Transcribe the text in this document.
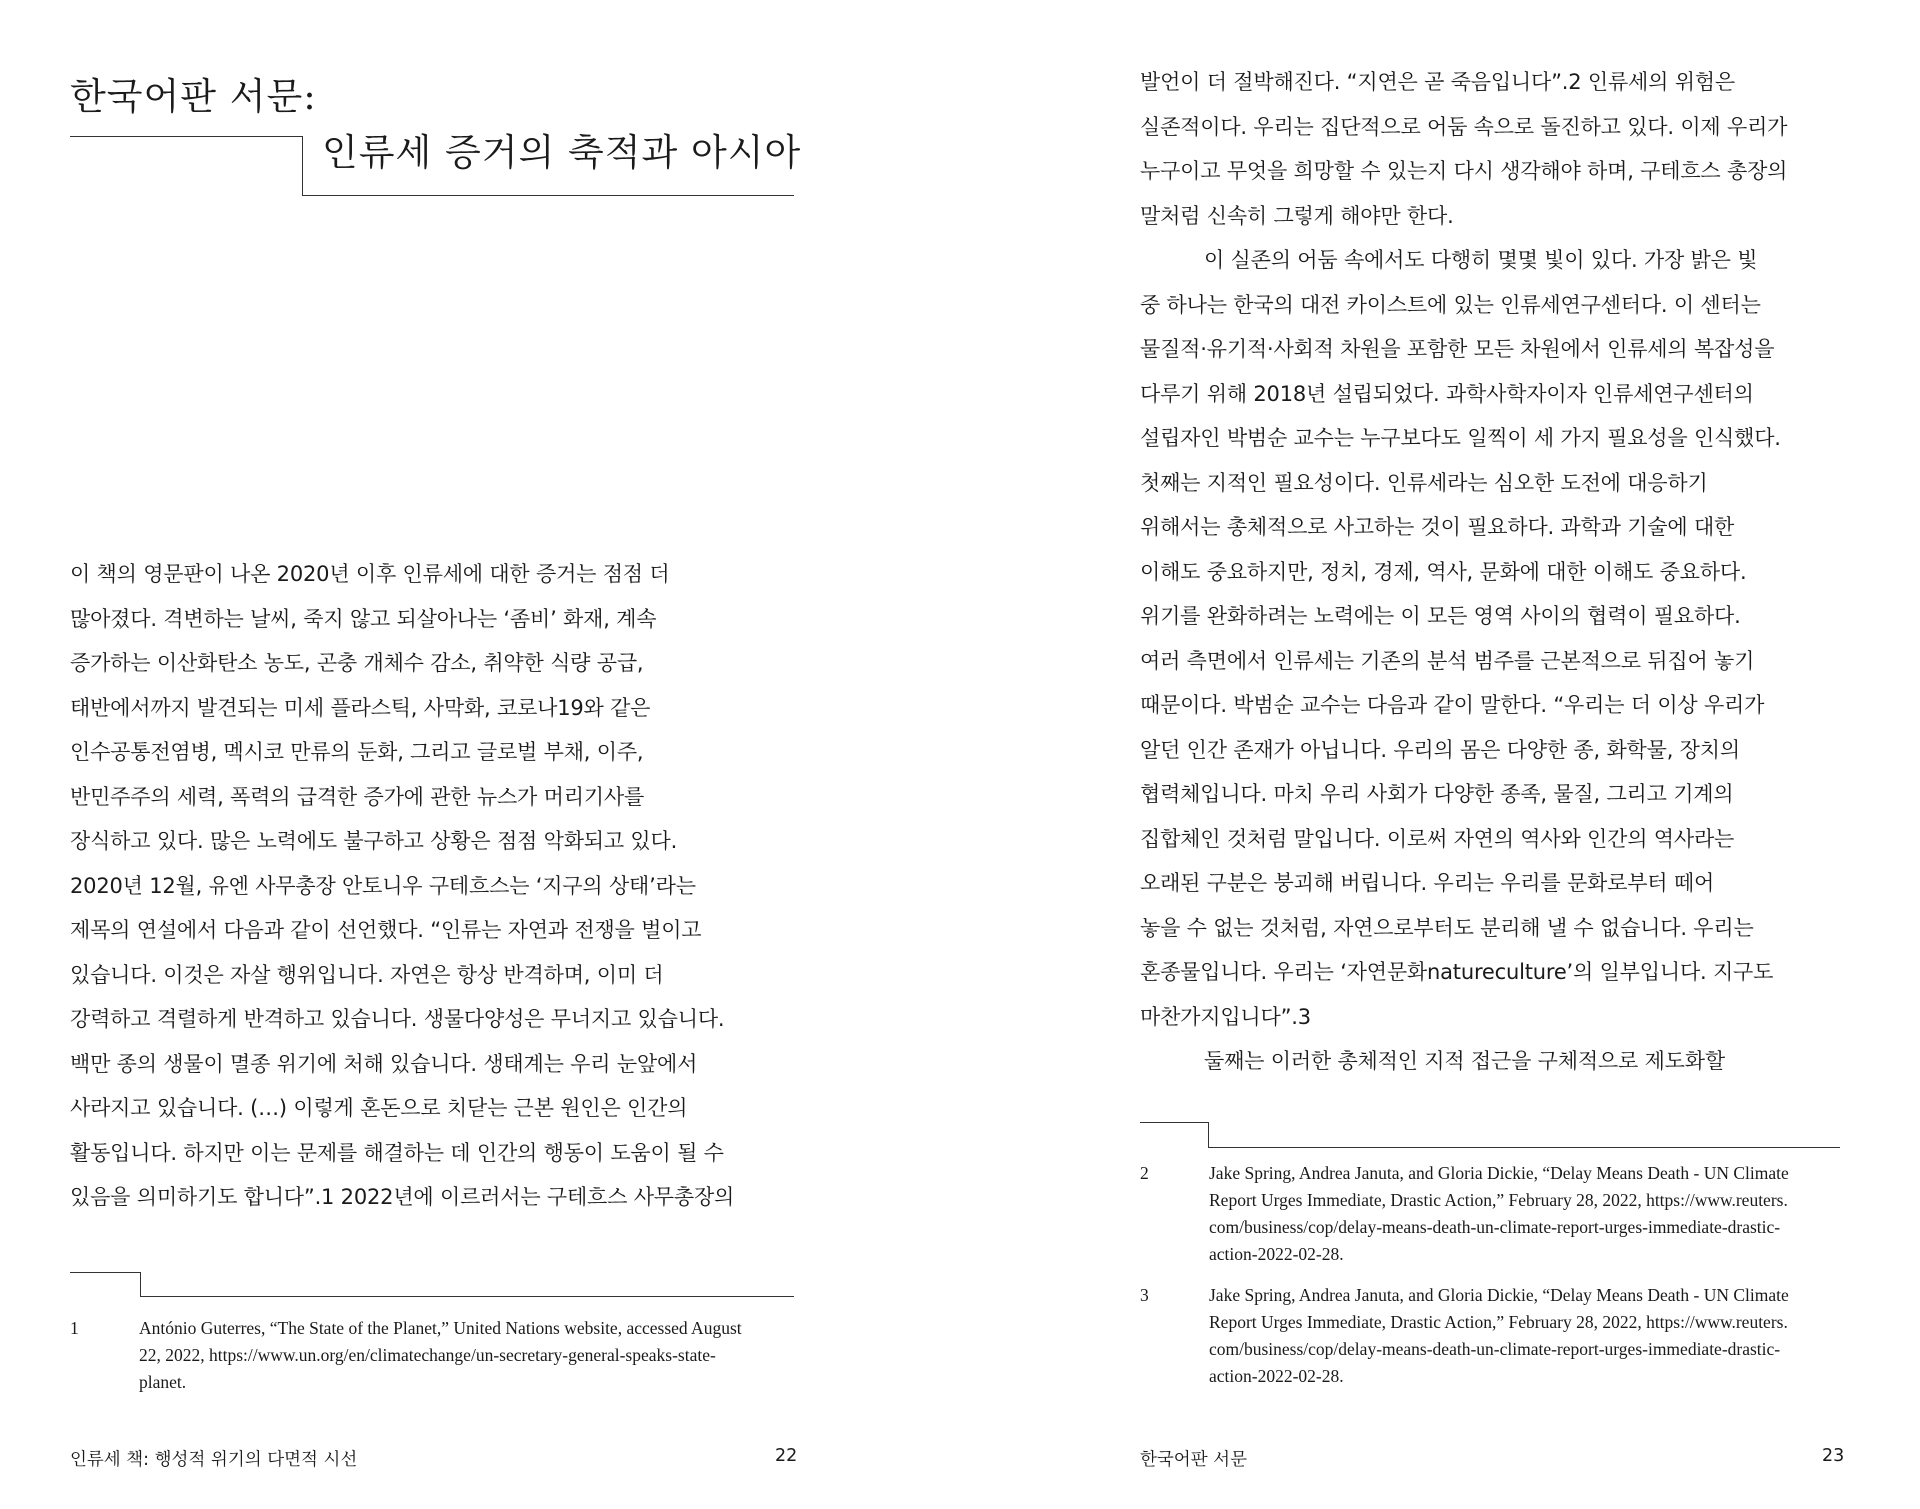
한국어판 서문:
인류세 증거의 축적과 아시아
이 책의 영문판이 나온 2020년 이후 인류세에 대한 증거는 점점 더
많아졌다. 격변하는 날씨, 죽지 않고 되살아나는 ‘좀비’ 화재, 계속
증가하는 이산화탄소 농도, 곤충 개체수 감소, 취약한 식량 공급,
태반에서까지 발견되는 미세 플라스틱, 사막화, 코로나19와 같은
인수공통전염병, 멕시코 만류의 둔화, 그리고 글로벌 부채, 이주,
반민주주의 세력, 폭력의 급격한 증가에 관한 뉴스가 머리기사를
장식하고 있다. 많은 노력에도 불구하고 상황은 점점 악화되고 있다.
2020년 12월, 유엔 사무총장 안토니우 구테흐스는 ‘지구의 상태’라는
제목의 연설에서 다음과 같이 선언했다. “인류는 자연과 전쟁을 벌이고
있습니다. 이것은 자살 행위입니다. 자연은 항상 반격하며, 이미 더
강력하고 격렬하게 반격하고 있습니다. 생물다양성은 무너지고 있습니다.
백만 종의 생물이 멸종 위기에 처해 있습니다. 생태계는 우리 눈앞에서
사라지고 있습니다. (…) 이렇게 혼돈으로 치닫는 근본 원인은 인간의
활동입니다. 하지만 이는 문제를 해결하는 데 인간의 행동이 도움이 될 수
있음을 의미하기도 합니다”.1 2022년에 이르러서는 구테흐스 사무총장의
1	António Guterres, “The State of the Planet,” United Nations website, accessed August
22, 2022, https://www.un.org/en/climatechange/un-secretary-general-speaks-state-
planet.
인류세 책: 행성적 위기의 다면적 시선	22
발언이 더 절박해진다. “지연은 곧 죽음입니다”.2 인류세의 위험은
실존적이다. 우리는 집단적으로 어둠 속으로 돌진하고 있다. 이제 우리가
누구이고 무엇을 희망할 수 있는지 다시 생각해야 하며, 구테흐스 총장의
말처럼 신속히 그렇게 해야만 한다.
이 실존의 어둠 속에서도 다행히 몇몇 빛이 있다. 가장 밝은 빛
중 하나는 한국의 대전 카이스트에 있는 인류세연구센터다. 이 센터는
물질적·유기적·사회적 차원을 포함한 모든 차원에서 인류세의 복잡성을
다루기 위해 2018년 설립되었다. 과학사학자이자 인류세연구센터의
설립자인 박범순 교수는 누구보다도 일찍이 세 가지 필요성을 인식했다.
첫째는 지적인 필요성이다. 인류세라는 심오한 도전에 대응하기
위해서는 총체적으로 사고하는 것이 필요하다. 과학과 기술에 대한
이해도 중요하지만, 정치, 경제, 역사, 문화에 대한 이해도 중요하다.
위기를 완화하려는 노력에는 이 모든 영역 사이의 협력이 필요하다.
여러 측면에서 인류세는 기존의 분석 범주를 근본적으로 뒤집어 놓기
때문이다. 박범순 교수는 다음과 같이 말한다. “우리는 더 이상 우리가
알던 인간 존재가 아닙니다. 우리의 몸은 다양한 종, 화학물, 장치의
협력체입니다. 마치 우리 사회가 다양한 종족, 물질, 그리고 기계의
집합체인 것처럼 말입니다. 이로써 자연의 역사와 인간의 역사라는
오래된 구분은 붕괴해 버립니다. 우리는 우리를 문화로부터 떼어
놓을 수 없는 것처럼, 자연으로부터도 분리해 낼 수 없습니다. 우리는
혼종물입니다. 우리는 ‘자연문화natureculture’의 일부입니다. 지구도
마찬가지입니다”.3
둘째는 이러한 총체적인 지적 접근을 구체적으로 제도화할
2	Jake Spring, Andrea Januta, and Gloria Dickie, “Delay Means Death - UN Climate
Report Urges Immediate, Drastic Action,” February 28, 2022, https://www.reuters.
com/business/cop/delay-means-death-un-climate-report-urges-immediate-drastic-
action-2022-02-28.
3	Jake Spring, Andrea Januta, and Gloria Dickie, “Delay Means Death - UN Climate
Report Urges Immediate, Drastic Action,” February 28, 2022, https://www.reuters.
com/business/cop/delay-means-death-un-climate-report-urges-immediate-drastic-
action-2022-02-28.
한국어판 서문	23
